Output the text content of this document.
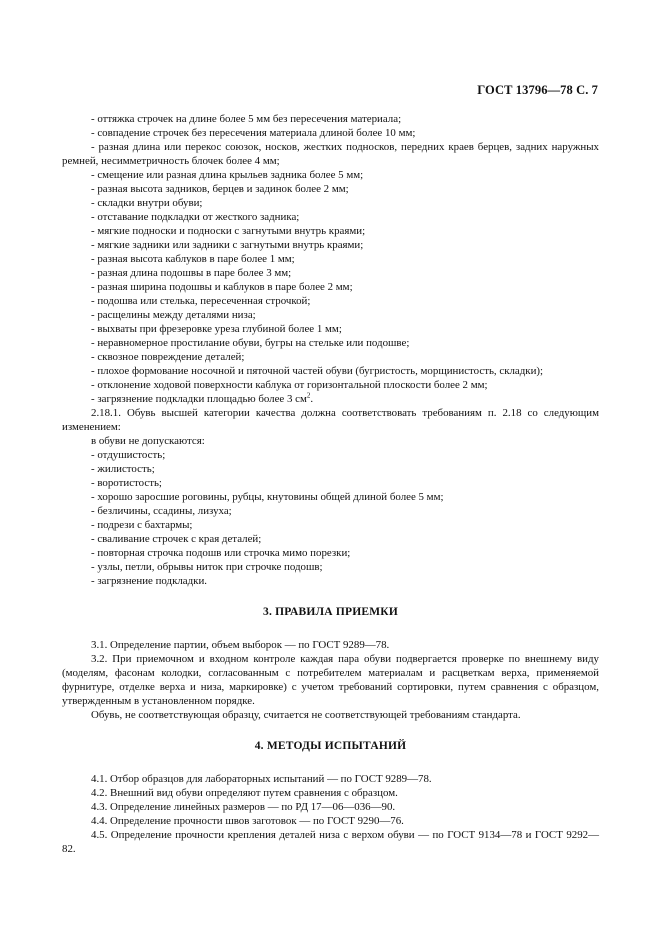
ГОСТ 13796—78 С. 7

- оттяжка строчек на длине более 5 мм без пересечения материала;

- совпадение строчек без пересечения материала длиной более 10 мм;

- разная длина или перекос союзок, носков, жестких подносков, передних краев берцев, задних наружных ремней, несимметричность блочек более 4 мм;

- смещение или разная длина крыльев задника более 5 мм;

- разная высота задников, берцев и задинок более 2 мм;

- складки внутри обуви;

- отставание подкладки от жесткого задника;

- мягкие подноски и подноски с загнутыми внутрь краями;

- мягкие задники или задники с загнутыми внутрь краями;

- разная высота каблуков в паре более 1 мм;

- разная длина подошвы в паре более 3 мм;

- разная ширина подошвы и каблуков в паре более 2 мм;

- подошва или стелька, пересеченная строчкой;

- расщелины между деталями низа;

- выхваты при фрезеровке уреза глубиной более 1 мм;

- неравномерное простилание обуви, бугры на стельке или подошве;

- сквозное повреждение деталей;

- плохое формование носочной и пяточной частей обуви (бугристость, морщинистость, складки);

- отклонение ходовой поверхности каблука от горизонтальной плоскости более 2 мм;

- загрязнение подкладки площадью более 3 $см^2$.

2.18.1. Обувь высшей категории качества должна соответствовать требованиям п. 2.18 со следующим изменением:

в обуви не допускаются:

- отдушистость;

- жилистость;

- воротистость;

- хорошо заросшие роговины, рубцы, кнутовины общей длиной более 5 мм;

- безличины, ссадины, лизуха;

- подрези с бахтармы;

- сваливание строчек с края деталей;

- повторная строчка подошв или строчка мимо порезки;

- узлы, петли, обрывы ниток при строчке подошв;

- загрязнение подкладки.

3. ПРАВИЛА ПРИЕМКИ

3.1. Определение партии, объем выборок — по ГОСТ 9289—78.

3.2. При приемочном и входном контроле каждая пара обуви подвергается проверке по внешнему виду (моделям, фасонам колодки, согласованным с потребителем материалам и расцветкам верха, применяемой фурнитуре, отделке верха и низа, маркировке) с учетом требований сортировки, путем сравнения с образцом, утвержденным в установленном порядке.

Обувь, не соответствующая образцу, считается не соответствующей требованиям стандарта.

4. МЕТОДЫ ИСПЫТАНИЙ

4.1. Отбор образцов для лабораторных испытаний — по ГОСТ 9289—78.

4.2. Внешний вид обуви определяют путем сравнения с образцом.

4.3. Определение линейных размеров — по РД 17—06—036—90.

4.4. Определение прочности швов заготовок — по ГОСТ 9290—76.

4.5. Определение прочности крепления деталей низа с верхом обуви — по ГОСТ 9134—78 и ГОСТ 9292—82.
